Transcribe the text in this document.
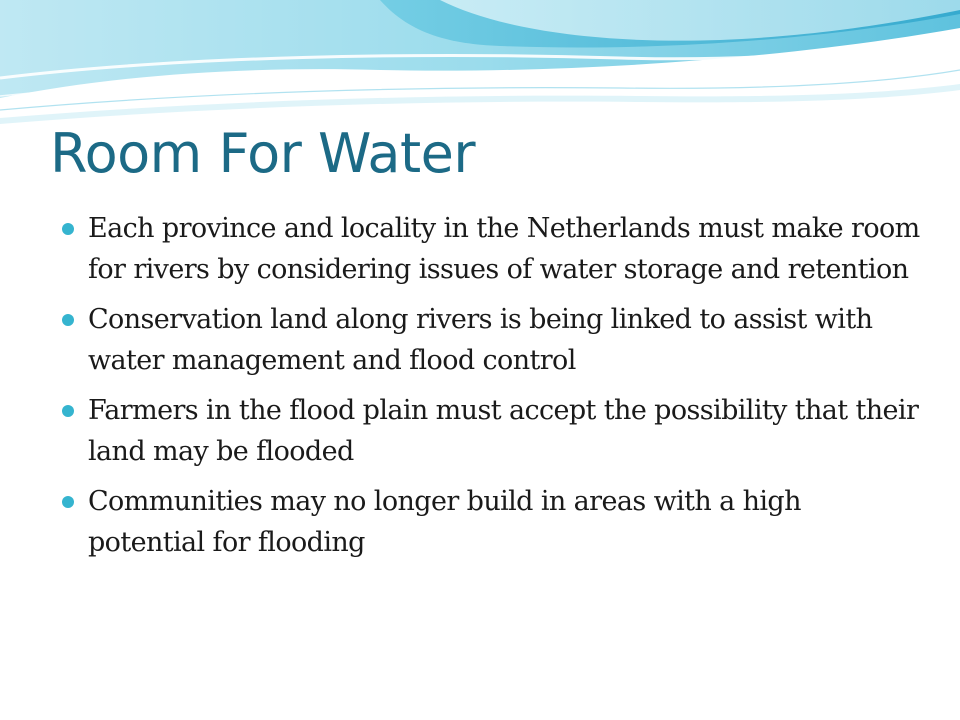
Room For Water
Each province and locality in the Netherlands must make room for rivers by considering issues of water storage and retention
Conservation land along rivers is being linked to assist with water management and flood control
Farmers in the flood plain must accept the possibility that their land may be flooded
Communities may no longer build in areas with a high potential for flooding
